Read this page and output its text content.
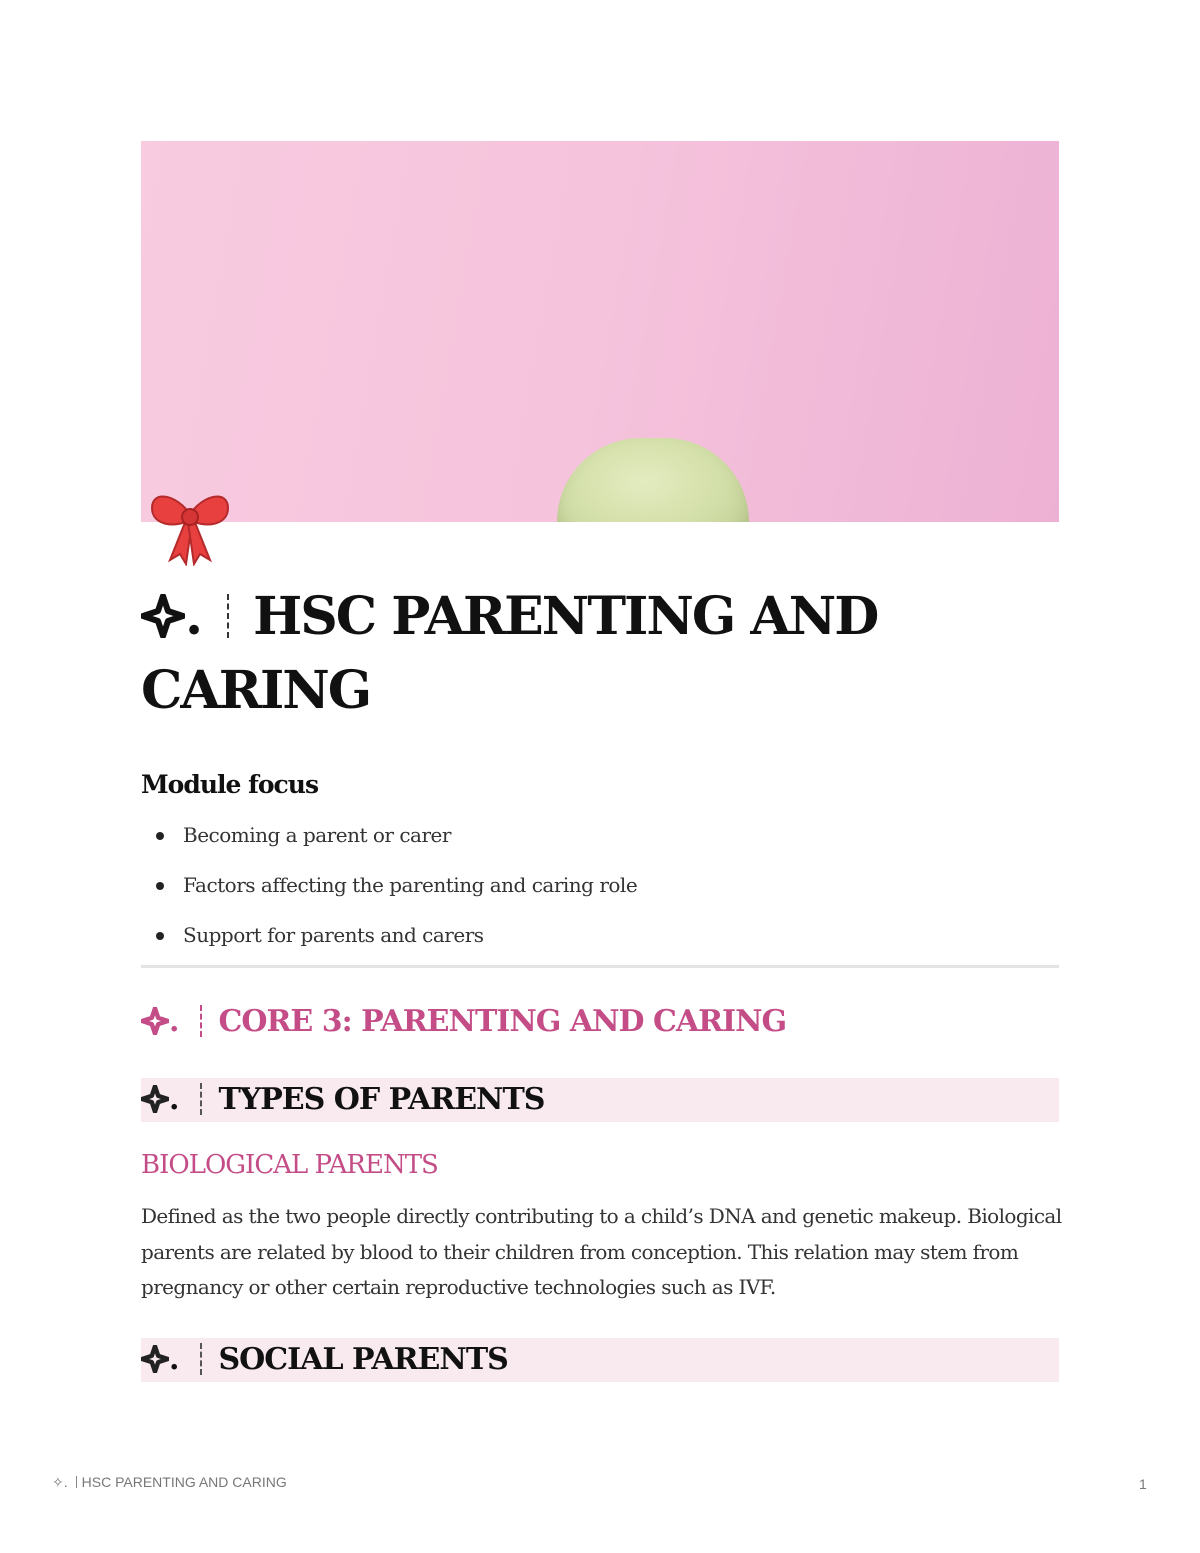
. HSC PARENTING AND
CARING
Module focus
Becoming a parent or carer
Factors affecting the parenting and caring role
Support for parents and carers
. CORE 3: PARENTING AND CARING
. TYPES OF PARENTS
BIOLOGICAL PARENTS

Defined as the two people directly contributing to a child’s DNA and genetic makeup. Biological parents are related by blood to their children from conception. This relation may stem from pregnancy or other certain reproductive technologies such as IVF.

. SOCIAL PARENTS
✧. HSC PARENTING AND CARING	1
